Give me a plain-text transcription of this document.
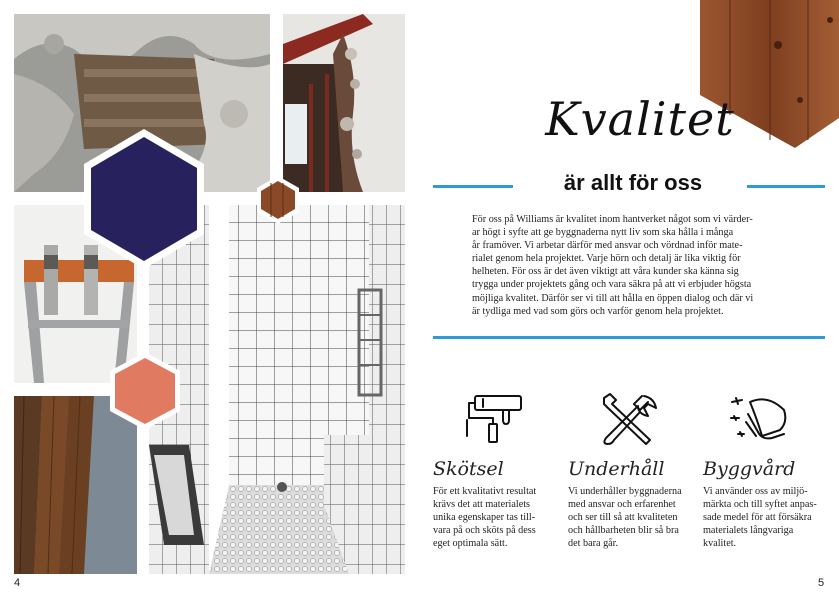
4
Kvalitet
är allt för oss
För oss på Williams är kvalitet inom hantverket något som vi värder-
ar högt i syfte att ge byggnaderna nytt liv som ska hålla i många
år framöver. Vi arbetar därför med ansvar och vördnad inför mate-
rialet genom hela projektet. Varje hörn och detalj är lika viktig för
helheten. För oss är det även viktigt att våra kunder ska känna sig
trygga under projektets gång och vara säkra på att vi erbjuder högsta
möjliga kvalitet. Därför ser vi till att hålla en öppen dialog och där vi
är tydliga med vad som görs och varför genom hela projektet.
Skötsel
För ett kvalitativt resultat
krävs det att materialets
unika egenskaper tas till-
vara på och sköts på dess
eget optimala sätt.
Underhåll
Vi underhåller byggnaderna
med ansvar och erfarenhet
och ser till så att kvaliteten
och hållbarheten blir så bra
det bara går.
Byggvård
Vi använder oss av miljö-
märkta och till syftet anpas-
sade medel för att försäkra
materialets långvariga
kvalitet.
5
